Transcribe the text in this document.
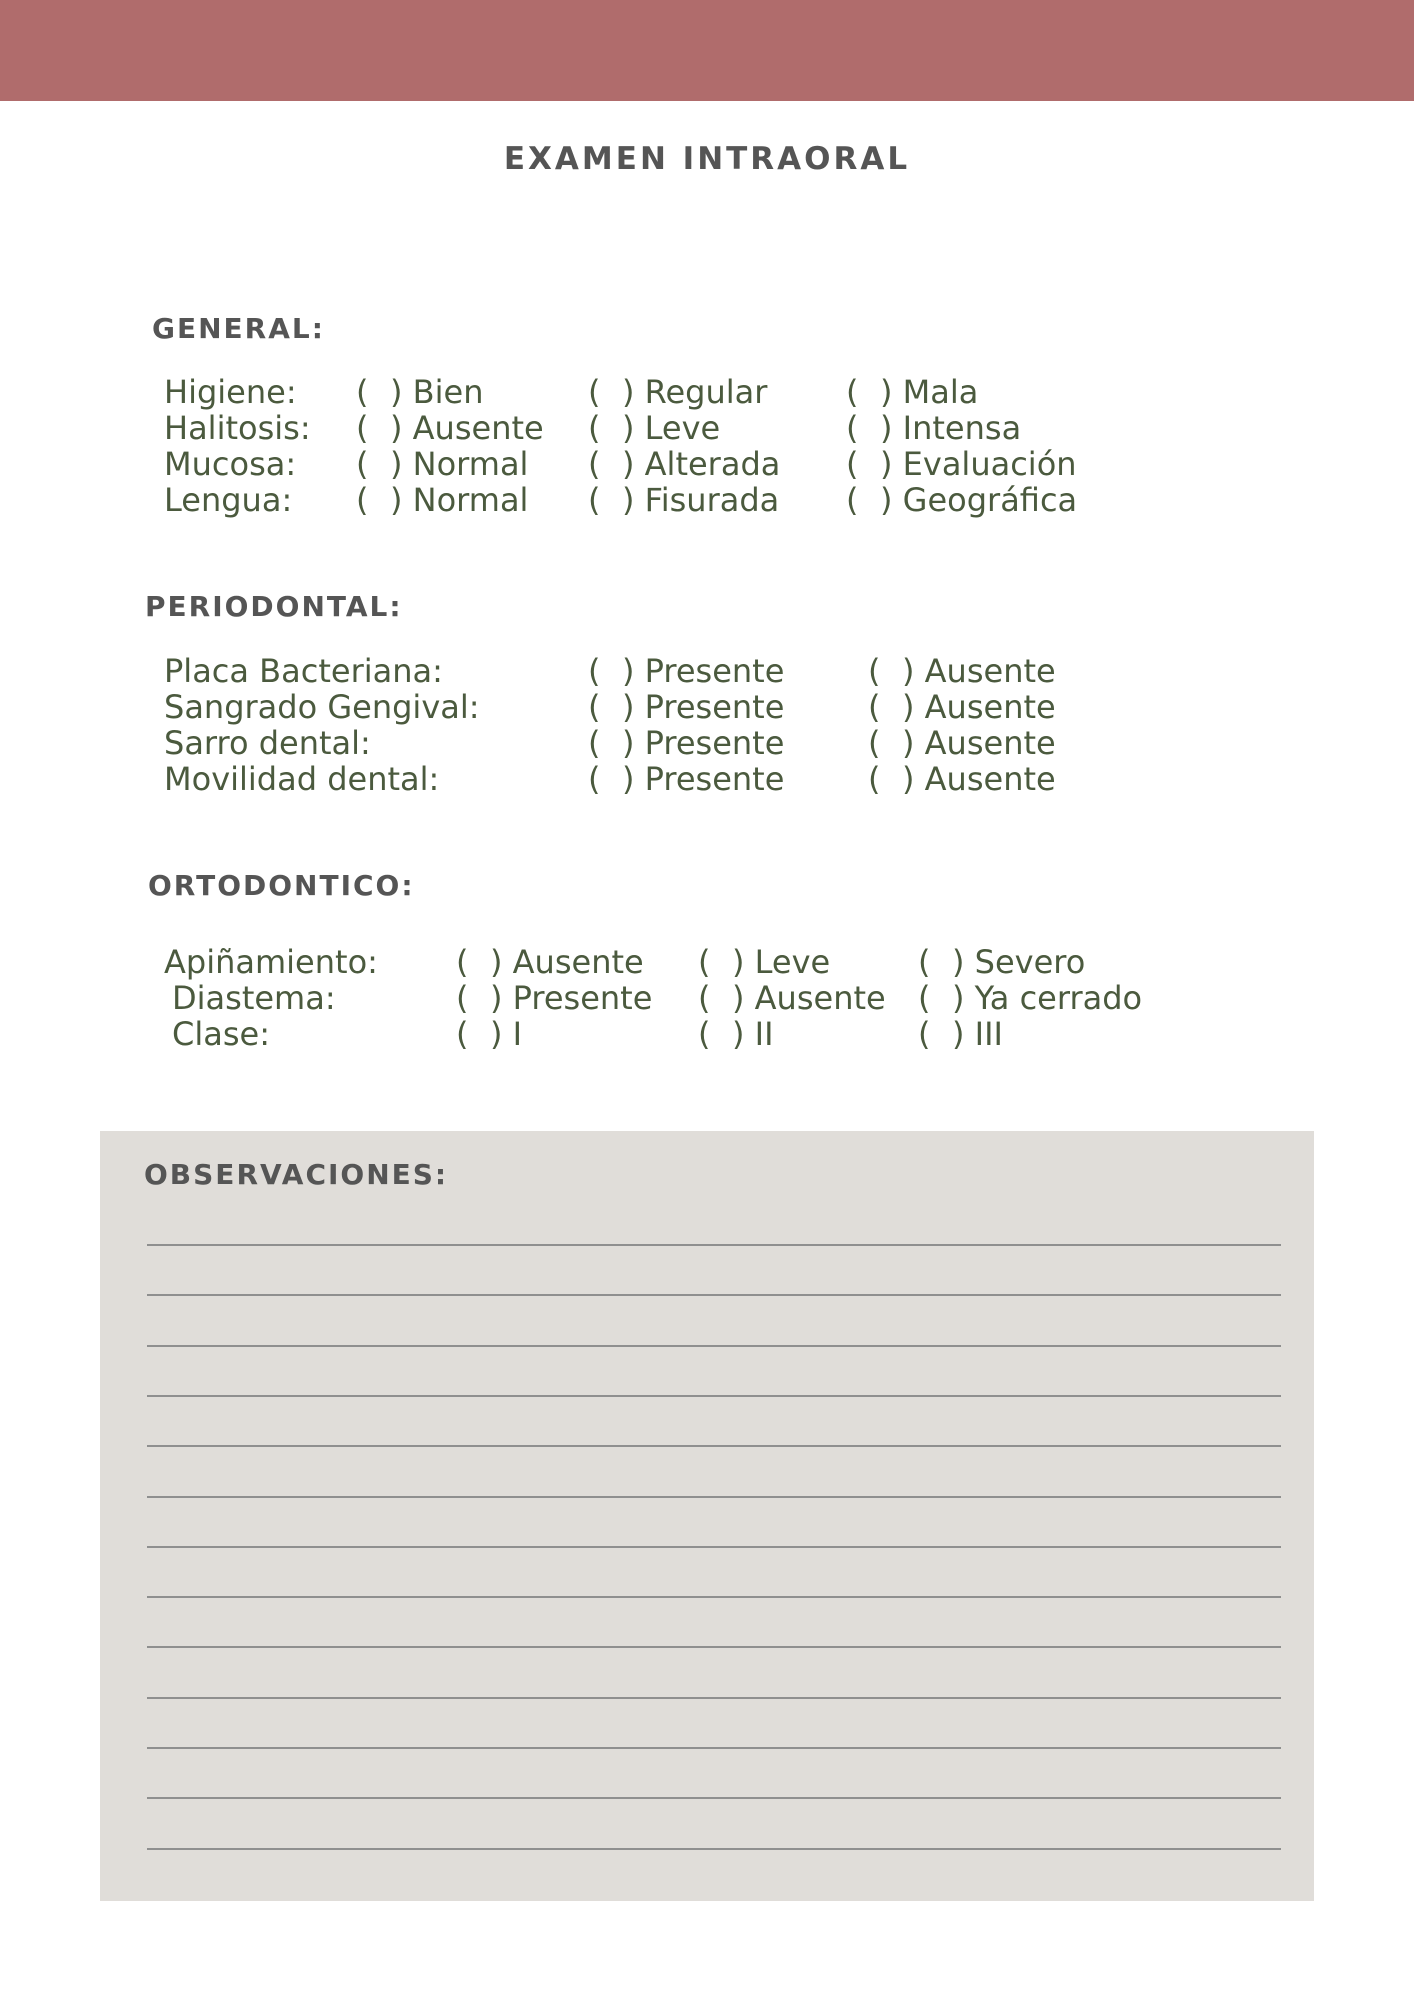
EXAMEN INTRAORAL
GENERAL:
Higiene: ( ) Bien	( ) Regular ( ) Mala
Halitosis: ( ) Ausente ( ) Leve	( ) Intensa
Mucosa: ( ) Normal ( ) Alterada ( ) Evaluación
Lengua: ( ) Normal ( ) Fisurada ( ) Geográfica
PERIODONTAL:
Placa Bacteriana:	( ) Presente	( ) Ausente
Sangrado Gengival:	( ) Presente	( ) Ausente
Sarro dental:	( ) Presente	( ) Ausente
Movilidad dental:	( ) Presente	( ) Ausente
ORTODONTICO:
Apiñamiento: ( ) Ausente ( ) Leve	( ) Severo
Diastema:	( ) Presente ( ) Ausente ( ) Ya cerrado
Clase:	( ) I	( ) II	( ) III
OBSERVACIONES:
